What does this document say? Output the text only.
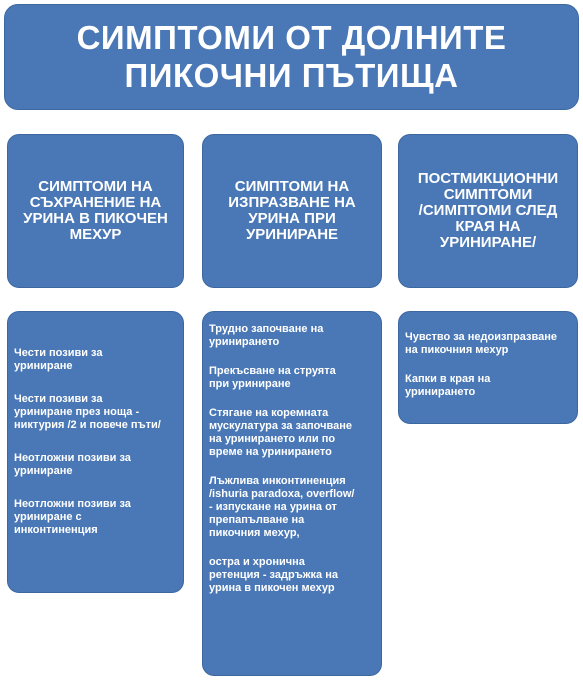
СИМПТОМИ ОТ ДОЛНИТЕ
ПИКОЧНИ ПЪТИЩА
СИМПТОМИ НА
СЪХРАНЕНИЕ НА
УРИНА В ПИКОЧЕН
МЕХУР
СИМПТОМИ НА
ИЗПРАЗВАНЕ НА
УРИНА ПРИ
УРИНИРАНЕ
ПОСТМИКЦИОННИ
СИМПТОМИ
/СИМПТОМИ СЛЕД
КРАЯ НА
УРИНИРАНЕ/
Чести позиви за
уриниране
Чести позиви за
уриниране през ноща -
никтурия /2 и повече пъти/
Неотложни позиви за
уриниране
Неотложни позиви за
уриниране с
инконтиненция
Трудно започване на
уринирането
Прекъсване на струята
при уриниране
Стягане на коремната
мускулатура за започване
на уринирането или по
време на уринирането
Лъжлива инконтиненция
/ishuria paradoxa, overflow/
- изпускане на урина от
препапълване на
пикочния мехур,
остра и хронична
ретенция - задръжка на
урина в пикочен мехур
Чувство за недоизпразване
на пикочния мехур
Капки в края на
уринирането
